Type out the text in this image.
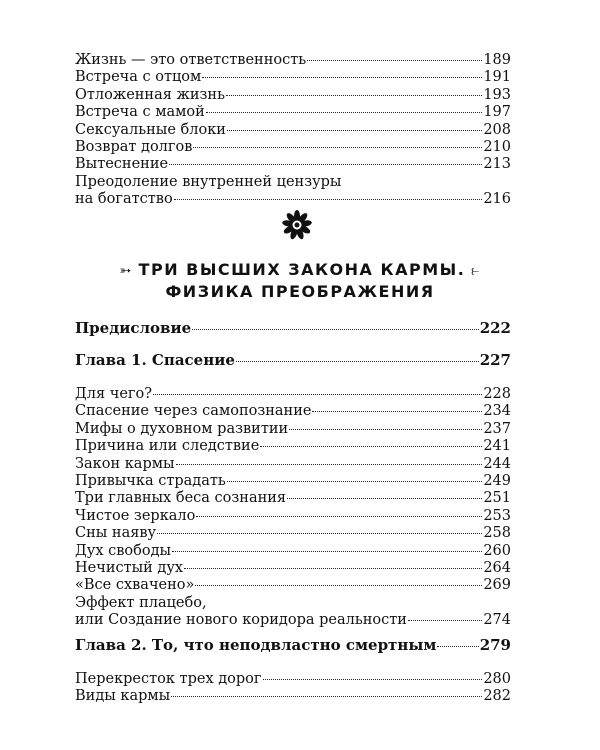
Жизнь — это ответственность	189
Встреча с отцом	191
Отложенная жизнь	193
Встреча с мамой	197
Сексуальные блоки	208
Возврат долгов	210
Вытеснение	213
Преодоление внутренней цензуры
на богатство	216
➳ ТРИ ВЫСШИХ ЗАКОНА КАРМЫ. ⥼
ФИЗИКА ПРЕОБРАЖЕНИЯ
Предисловие	222
Глава 1. Спасение	227
Для чего?	228
Спасение через самопознание	234
Мифы о духовном развитии	237
Причина или следствие	241
Закон кармы	244
Привычка страдать	249
Три главных беса сознания	251
Чистое зеркало	253
Сны наяву	258
Дух свободы	260
Нечистый дух	264
«Все схвачено»	269
Эффект плацебо,
или Создание нового коридора реальности	274
Глава 2. То, что неподвластно смертным	279
Перекресток трех дорог	280
Виды кармы	282
